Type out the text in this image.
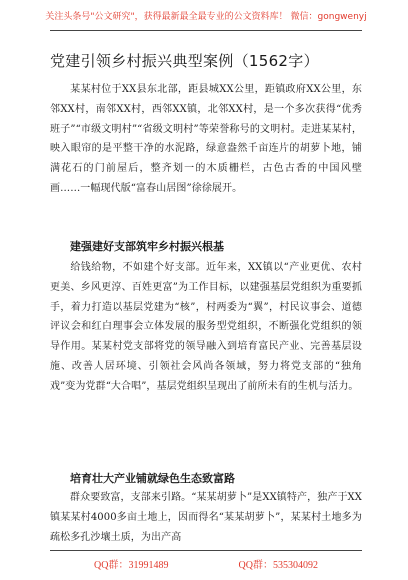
关注头条号"公文研究"，获得最新最全最专业的公文资料库！ 微信：gongwenyj
党建引领乡村振兴典型案例（1562字）
某某村位于XX县东北部，距县城XX公里，距镇政府XX公里，东邻XX村，南邻XX村，西邻XX镇，北邻XX村，是一个多次获得“优秀班子”“市级文明村”“省级文明村”等荣誉称号的文明村。走进某某村，映入眼帘的是平整干净的水泥路，绿意盎然千亩连片的胡萝卜地，铺满花石的门前屋后，整齐划一的木质栅栏，古色古香的中国风壁画……一幅现代版“富春山居图”徐徐展开。
建强建好支部筑牢乡村振兴根基
给钱给物，不如建个好支部。近年来，XX镇以“产业更优、农村更美、乡风更淳、百姓更富”为工作目标，以建强基层党组织为重要抓手，着力打造以基层党建为“核”，村两委为“翼”，村民议事会、道德评议会和红白理事会立体发展的服务型党组织，不断强化党组织的领导作用。某某村党支部将党的领导融入到培育富民产业、完善基层设施、改善人居环境、引领社会风尚各领域，努力将党支部的“独角戏”变为党群“大合唱”，基层党组织呈现出了前所未有的生机与活力。
培育壮大产业铺就绿色生态致富路
群众要致富，支部来引路。“某某胡萝卜”是XX镇特产，独产于XX镇某某村4000多亩土地上，因而得名“某某胡萝卜”，某某村土地多为疏松多孔沙壤土质，为出产高
QQ群：31991489	QQ群：535304092
